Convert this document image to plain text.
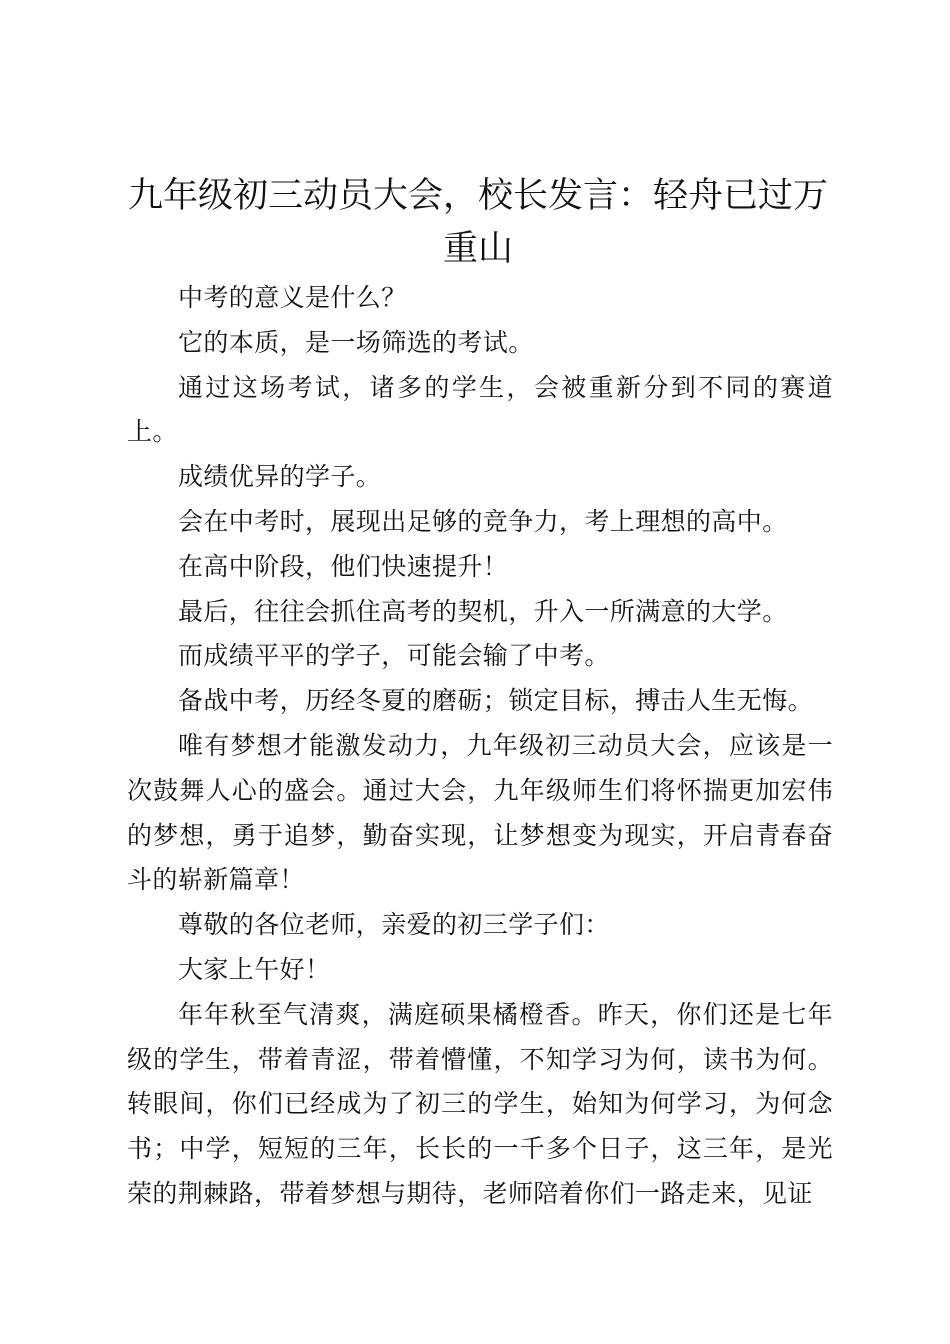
九年级初三动员大会，校长发言：轻舟已过万重山

中考的意义是什么？

它的本质，是一场筛选的考试。

通过这场考试，诸多的学生，会被重新分到不同的赛道上。

成绩优异的学子。

会在中考时，展现出足够的竞争力，考上理想的高中。

在高中阶段，他们快速提升！

最后，往往会抓住高考的契机，升入一所满意的大学。

而成绩平平的学子，可能会输了中考。

备战中考，历经冬夏的磨砺；锁定目标，搏击人生无悔。

唯有梦想才能激发动力，九年级初三动员大会，应该是一次鼓舞人心的盛会。通过大会，九年级师生们将怀揣更加宏伟的梦想，勇于追梦，勤奋实现，让梦想变为现实，开启青春奋斗的崭新篇章！

尊敬的各位老师，亲爱的初三学子们：

大家上午好！

年年秋至气清爽，满庭硕果橘橙香。昨天，你们还是七年级的学生，带着青涩，带着懵懂，不知学习为何，读书为何。转眼间，你们已经成为了初三的学生，始知为何学习，为何念书；中学，短短的三年，长长的一千多个日子，这三年，是光荣的荆棘路，带着梦想与期待，老师陪着你们一路走来，见证
